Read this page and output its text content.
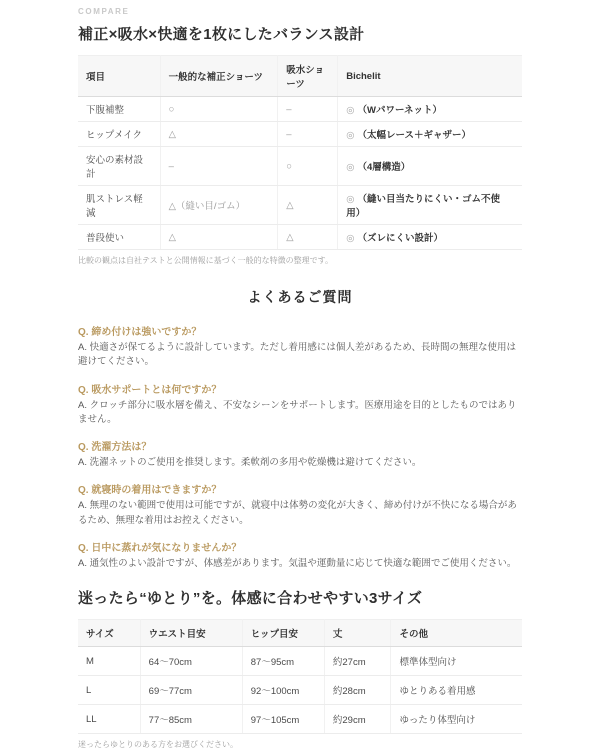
COMPARE
補正×吸水×快適を1枚にしたバランス設計
項目	一般的な補正ショーツ	吸水ショーツ	Bichelit
下腹補整	○	–	◎ （Wパワーネット）
ヒップメイク	△	–	◎ （太幅レース＋ギャザー）
安心の素材設計	–	○	◎ （4層構造）
肌ストレス軽減	△（縫い目/ゴム）	△	◎ （縫い目当たりにくい・ゴム不使用）
普段使い	△	△	◎ （ズレにくい設計）
比較の観点は自社テストと公開情報に基づく一般的な特徴の整理です。
よくあるご質問
Q. 締め付けは強いですか？
A. 快適さが保てるように設計しています。ただし着用感には個人差があるため、長時間の無理な使用は避けてください。
Q. 吸水サポートとは何ですか？
A. クロッチ部分に吸水層を備え、不安なシーンをサポートします。医療用途を目的としたものではありません。
Q. 洗濯方法は？
A. 洗濯ネットのご使用を推奨します。柔軟剤の多用や乾燥機は避けてください。
Q. 就寝時の着用はできますか？
A. 無理のない範囲で使用は可能ですが、就寝中は体勢の変化が大きく、締め付けが不快になる場合があるため、無理な着用はお控えください。
Q. 日中に蒸れが気になりませんか？
A. 通気性のよい設計ですが、体感差があります。気温や運動量に応じて快適な範囲でご使用ください。
迷ったら“ゆとり”を。体感に合わせやすい3サイズ
サイズ	ウエスト目安	ヒップ目安	丈	その他
M	64〜70cm	87〜95cm	約27cm	標準体型向け
L	69〜77cm	92〜100cm	約28cm	ゆとりある着用感
LL	77〜85cm	97〜105cm	約29cm	ゆったり体型向け
迷ったらゆとりのある方をお選びください。
